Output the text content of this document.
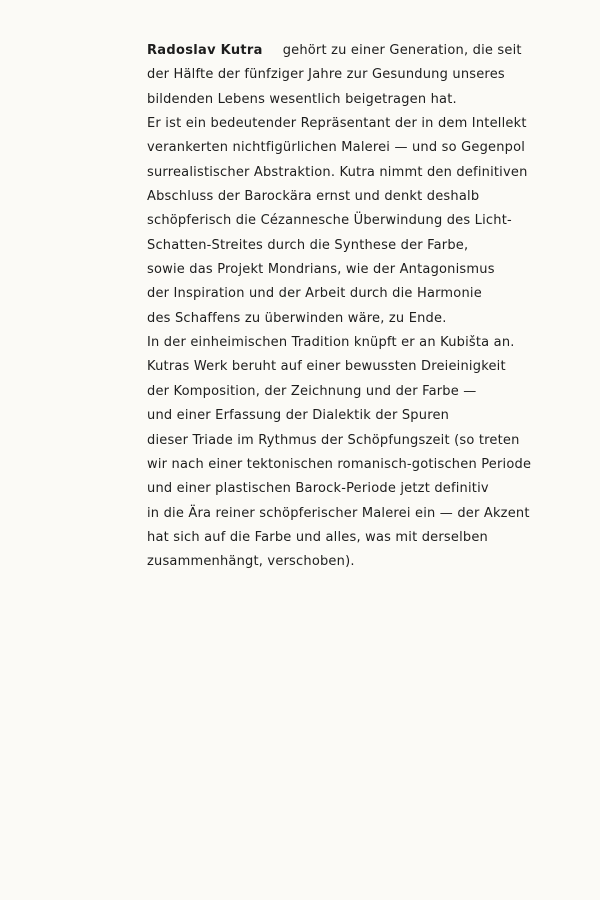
Radoslav Kutra gehört zu einer Generation, die seit
der Hälfte der fünfziger Jahre zur Gesundung unseres
bildenden Lebens wesentlich beigetragen hat.
Er ist ein bedeutender Repräsentant der in dem Intellekt
verankerten nichtfigürlichen Malerei — und so Gegenpol
surrealistischer Abstraktion. Kutra nimmt den definitiven
Abschluss der Barockära ernst und denkt deshalb
schöpferisch die Cézannesche Überwindung des Licht-
Schatten-Streites durch die Synthese der Farbe,
sowie das Projekt Mondrians, wie der Antagonismus
der Inspiration und der Arbeit durch die Harmonie
des Schaffens zu überwinden wäre, zu Ende.
In der einheimischen Tradition knüpft er an Kubišta an.
Kutras Werk beruht auf einer bewussten Dreieinigkeit
der Komposition, der Zeichnung und der Farbe —
und einer Erfassung der Dialektik der Spuren
dieser Triade im Rythmus der Schöpfungszeit (so treten
wir nach einer tektonischen romanisch-gotischen Periode
und einer plastischen Barock-Periode jetzt definitiv
in die Ära reiner schöpferischer Malerei ein — der Akzent
hat sich auf die Farbe und alles, was mit derselben
zusammenhängt, verschoben).
